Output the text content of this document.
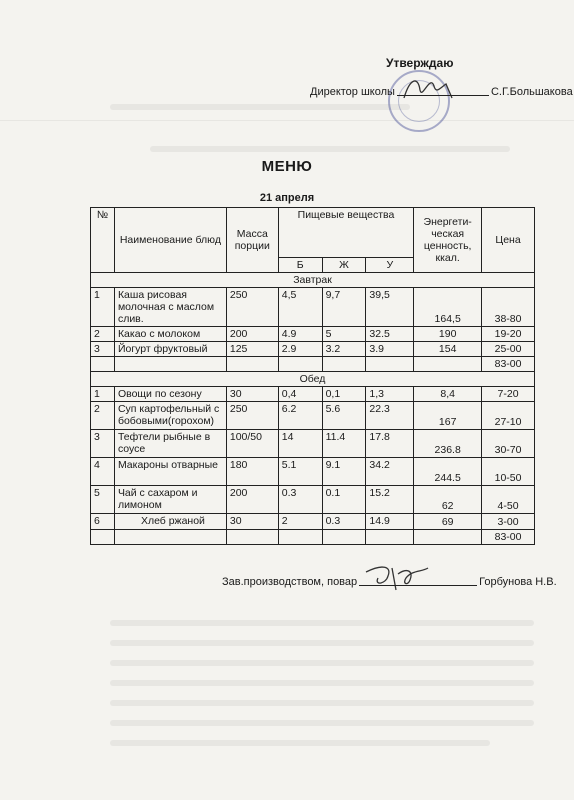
Утверждаю
Директор школы	С.Г.Большакова
МЕНЮ
21 апреля
№	Наименование блюд	Масса порции	Пищевые вещества			Энергети-ческая ценность, ккал.	Цена
			Б	Ж	У		
Завтрак							
1	Каша рисовая молочная с маслом слив.	250	4,5	9,7	39,5	164,5	38-80
2	Какао с молоком	200	4.9	5	32.5	190	19-20
3	Йогурт фруктовый	125	2.9	3.2	3.9	154	25-00
							83-00
Обед							
1	Овощи по сезону	30	0,4	0,1	1,3	8,4	7-20
2	Суп картофельный с бобовыми(горохом)	250	6.2	5.6	22.3	167	27-10
3	Тефтели рыбные в соусе	100/50	14	11.4	17.8	236.8	30-70
4	Макароны отварные	180	5.1	9.1	34.2	244.5	10-50
5	Чай с сахаром и лимоном	200	0.3	0.1	15.2	62	4-50
6	Хлеб ржаной	30	2	0.3	14.9	69	3-00
							83-00
Зав.производством, повар	Горбунова Н.В.
